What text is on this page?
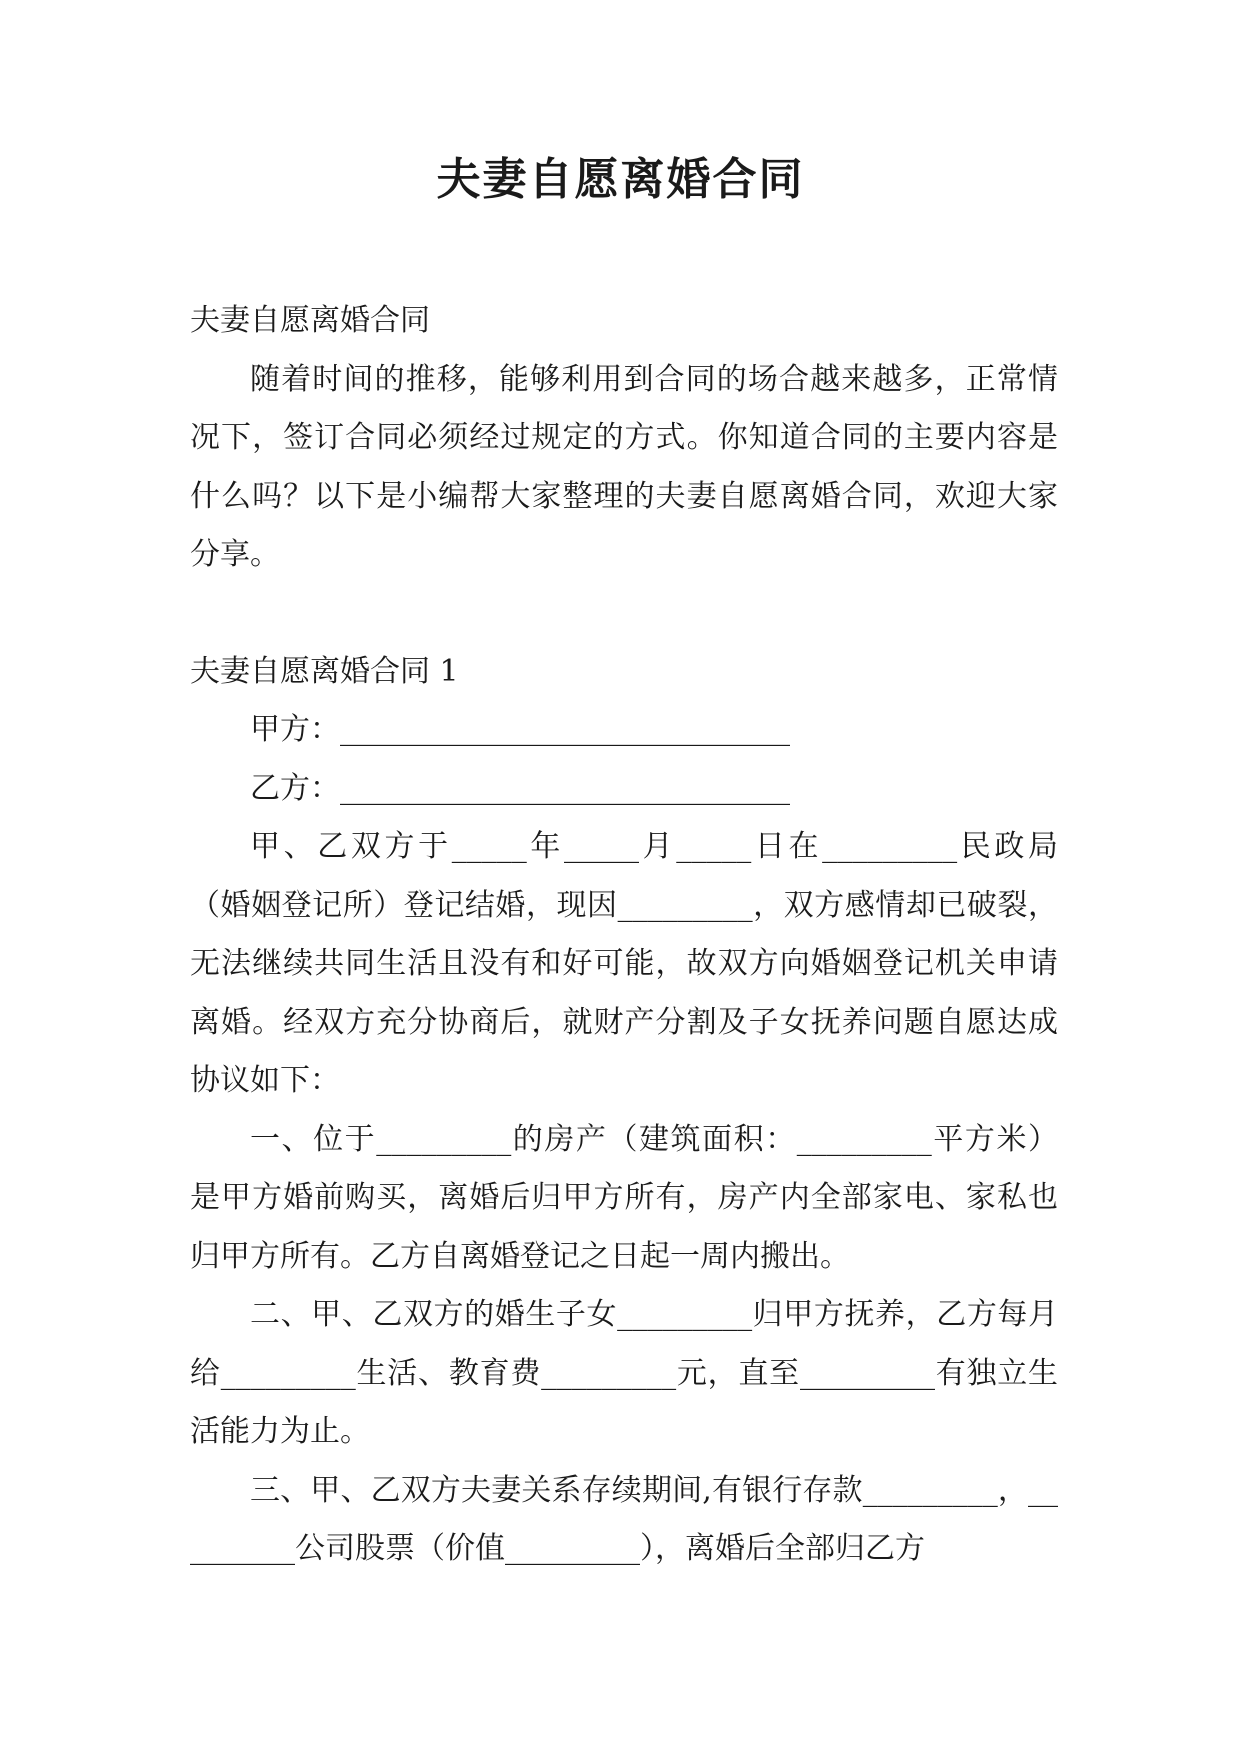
夫妻自愿离婚合同

夫妻自愿离婚合同

随着时间的推移，能够利用到合同的场合越来越多，正常情况下，签订合同必须经过规定的方式。你知道合同的主要内容是什么吗？以下是小编帮大家整理的夫妻自愿离婚合同，欢迎大家分享。

夫妻自愿离婚合同 1

甲方：______________________________

乙方：______________________________

甲、乙双方于_____年_____月_____日在_________民政局（婚姻登记所）登记结婚，现因_________，双方感情却已破裂，无法继续共同生活且没有和好可能，故双方向婚姻登记机关申请离婚。经双方充分协商后，就财产分割及子女抚养问题自愿达成协议如下：

一、位于_________的房产（建筑面积：_________平方米）是甲方婚前购买，离婚后归甲方所有，房产内全部家电、家私也归甲方所有。乙方自离婚登记之日起一周内搬出。

二、甲、乙双方的婚生子女_________归甲方抚养，乙方每月给_________生活、教育费_________元，直至_________有独立生活能力为止。

三、甲、乙双方夫妻关系存续期间,有银行存款_________，_________公司股票（价值_________），离婚后全部归乙方
